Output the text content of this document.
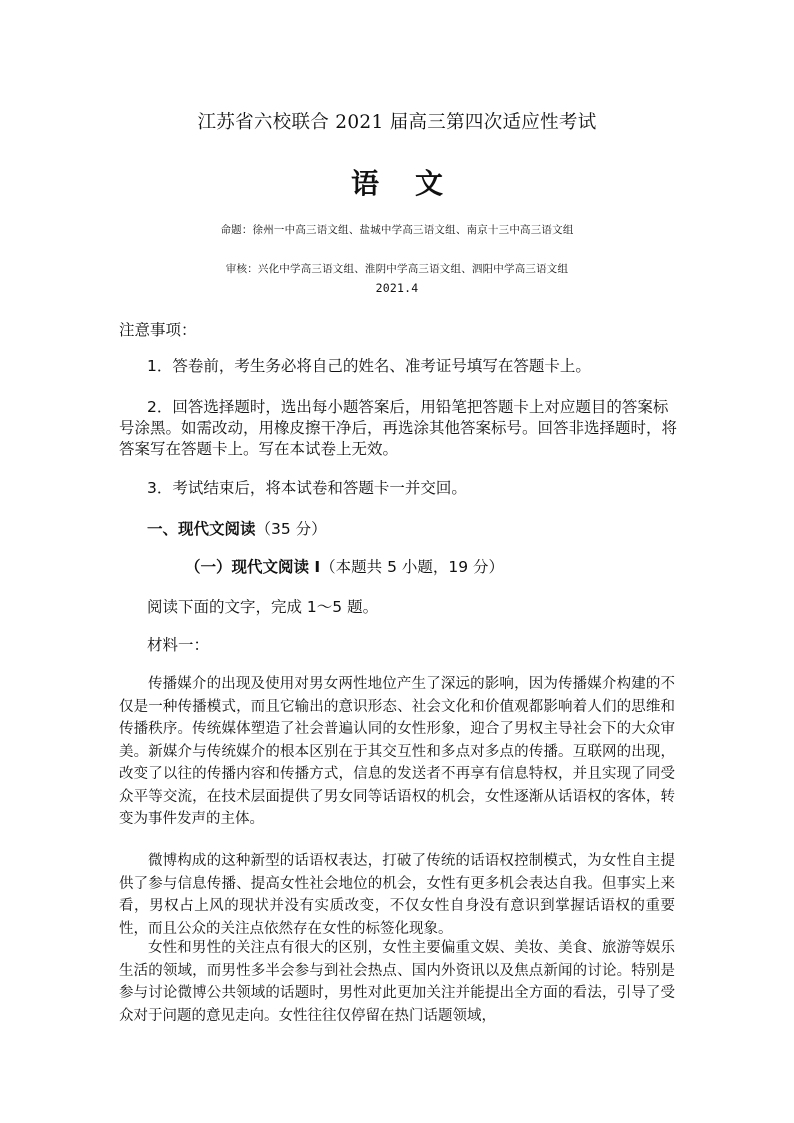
江苏省六校联合 2021 届高三第四次适应性考试
语文
命题：徐州一中高三语文组、盐城中学高三语文组、南京十三中高三语文组
审核：兴化中学高三语文组、淮阴中学高三语文组、泗阳中学高三语文组
2021.4
注意事项：

1．答卷前，考生务必将自己的姓名、准考证号填写在答题卡上。

2．回答选择题时，选出每小题答案后，用铅笔把答题卡上对应题目的答案标号涂黑。如需改动，用橡皮擦干净后，再选涂其他答案标号。回答非选择题时，将答案写在答题卡上。写在本试卷上无效。

3．考试结束后，将本试卷和答题卡一并交回。

一、现代文阅读（35 分）
（一）现代文阅读 I（本题共 5 小题，19 分）
阅读下面的文字，完成 1～5 题。
材料一：

传播媒介的出现及使用对男女两性地位产生了深远的影响，因为传播媒介构建的不仅是一种传播模式，而且它输出的意识形态、社会文化和价值观都影响着人们的思维和传播秩序。传统媒体塑造了社会普遍认同的女性形象，迎合了男权主导社会下的大众审美。新媒介与传统媒介的根本区别在于其交互性和多点对多点的传播。互联网的出现，改变了以往的传播内容和传播方式，信息的发送者不再享有信息特权，并且实现了同受众平等交流，在技术层面提供了男女同等话语权的机会，女性逐渐从话语权的客体，转变为事件发声的主体。

微博构成的这种新型的话语权表达，打破了传统的话语权控制模式，为女性自主提供了参与信息传播、提高女性社会地位的机会，女性有更多机会表达自我。但事实上来看，男权占上风的现状并没有实质改变，不仅女性自身没有意识到掌握话语权的重要性，而且公众的关注点依然存在女性的标签化现象。

女性和男性的关注点有很大的区别，女性主要偏重文娱、美妆、美食、旅游等娱乐生活的领域，而男性多半会参与到社会热点、国内外资讯以及焦点新闻的讨论。特别是参与讨论微博公共领域的话题时，男性对此更加关注并能提出全方面的看法，引导了受众对于问题的意见走向。女性往往仅停留在热门话题领域，
